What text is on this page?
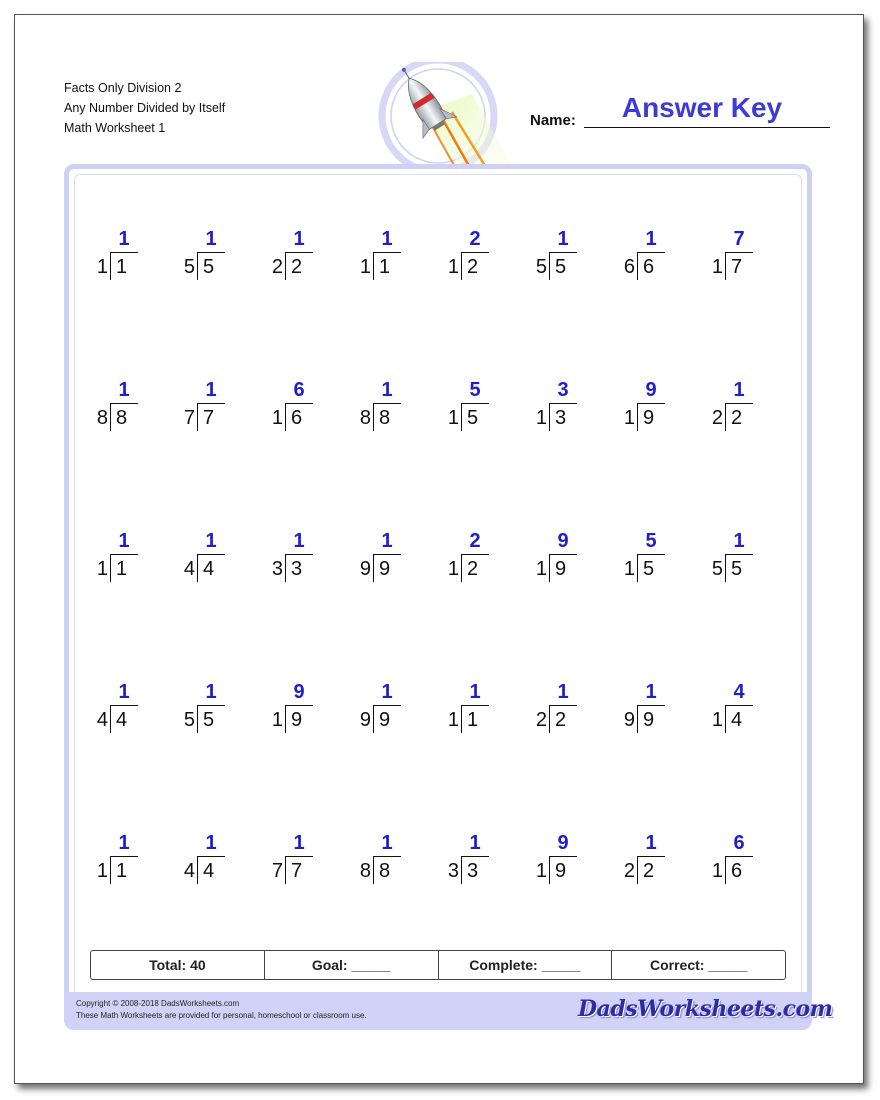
Facts Only Division 2
Any Number Divided by Itself
Math Worksheet 1	Name:	Answer Key
1
1 1
1
5 5
1
2 2
1
1 1
2
1 2
1
5 5
1
6 6
7
1 7
1
8 8
1
7 7
6
1 6
1
8 8
5
1 5
3
1 3
9
1 9
1
2 2
1
1 1
1
4 4
1
3 3
1
9 9
2
1 2
9
1 9
5
1 5
1
5 5
1
4 4
1
5 5
9
1 9
1
9 9
1
1 1
1
2 2
1
9 9
4
1 4
1
1 1
1
4 4
1
7 7
1
8 8
1
3 3
9
1 9
1
2 2
6
1 6
Total: 40	Goal: _____	Complete: _____	Correct: _____
Copyright © 2008-2018 DadsWorksheets.com
These Math Worksheets are provided for personal, homeschool or classroom use.	DadsWorksheets.com
